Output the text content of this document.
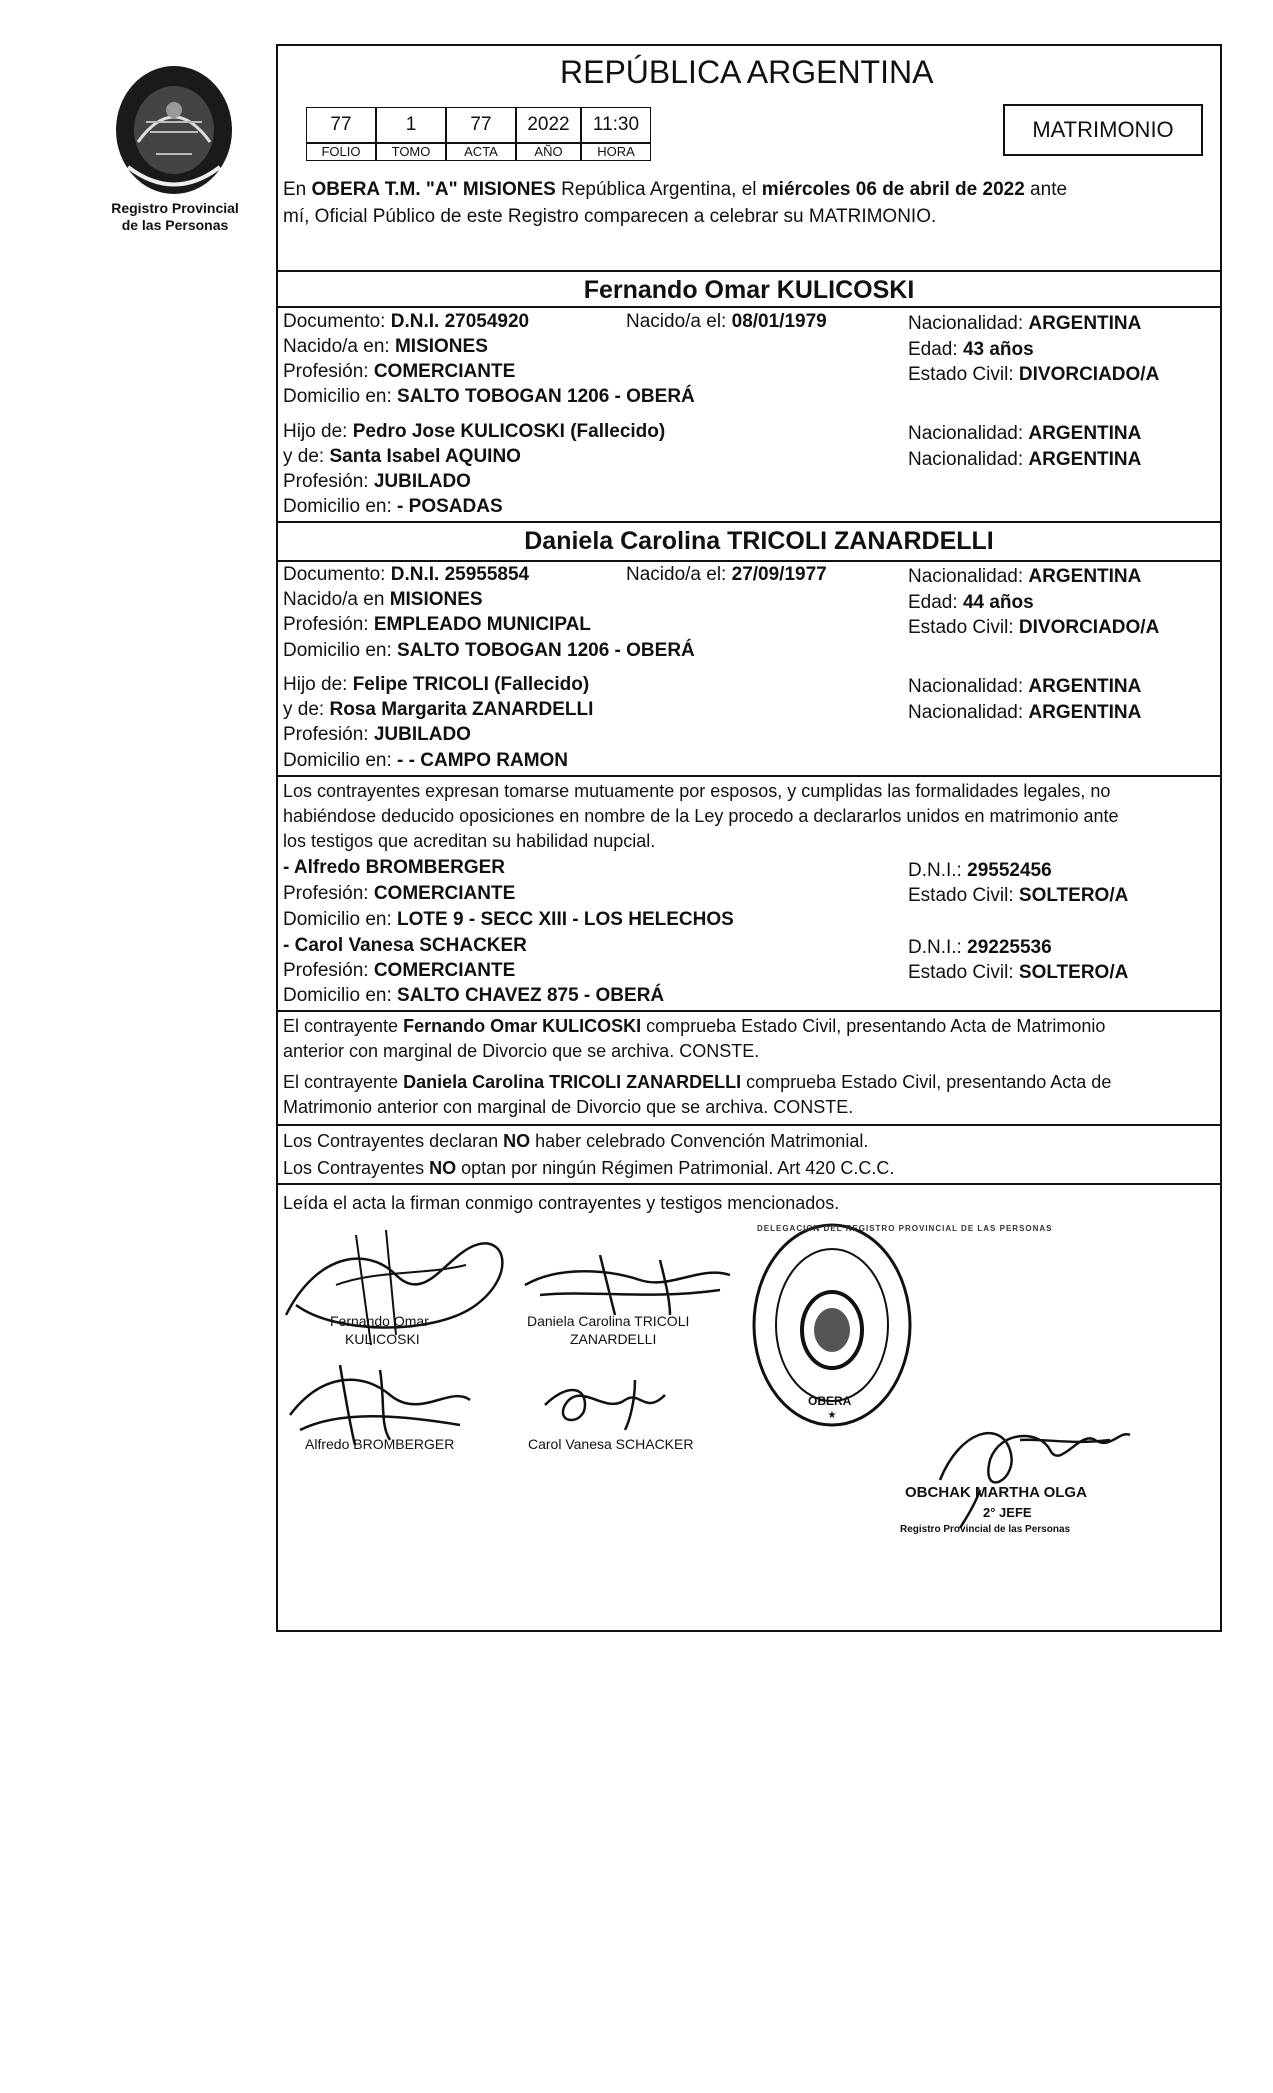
Registro Provincial
de las Personas
REPÚBLICA ARGENTINA
MATRIMONIO
77	1	77	2022	11:30
FOLIO	TOMO	ACTA	AÑO	HORA
En OBERA T.M. "A" MISIONES República Argentina, el miércoles 06 de abril de 2022 ante
mí, Oficial Público de este Registro comparecen a celebrar su MATRIMONIO.
Fernando Omar KULICOSKI
Documento: D.N.I. 27054920	Nacido/a el: 08/01/1979	Nacionalidad: ARGENTINA
Nacido/a en: MISIONES	Edad: 43 años
Profesión: COMERCIANTE	Estado Civil: DIVORCIADO/A
Domicilio en: SALTO TOBOGAN 1206 - OBERÁ
Hijo de: Pedro Jose KULICOSKI (Fallecido)	Nacionalidad: ARGENTINA
y de: Santa Isabel AQUINO	Nacionalidad: ARGENTINA
Profesión: JUBILADO
Domicilio en: - POSADAS
Daniela Carolina TRICOLI ZANARDELLI
Documento: D.N.I. 25955854	Nacido/a el: 27/09/1977	Nacionalidad: ARGENTINA
Nacido/a en MISIONES	Edad: 44 años
Profesión: EMPLEADO MUNICIPAL	Estado Civil: DIVORCIADO/A
Domicilio en: SALTO TOBOGAN 1206 - OBERÁ
Hijo de: Felipe TRICOLI (Fallecido)	Nacionalidad: ARGENTINA
y de: Rosa Margarita ZANARDELLI	Nacionalidad: ARGENTINA
Profesión: JUBILADO
Domicilio en: - - CAMPO RAMON
Los contrayentes expresan tomarse mutuamente por esposos, y cumplidas las formalidades legales, no
habiéndose deducido oposiciones en nombre de la Ley procedo a declararlos unidos en matrimonio ante
los testigos que acreditan su habilidad nupcial.
- Alfredo BROMBERGER	D.N.I.: 29552456
Profesión: COMERCIANTE	Estado Civil: SOLTERO/A
Domicilio en: LOTE 9 - SECC XIII - LOS HELECHOS
- Carol Vanesa SCHACKER	D.N.I.: 29225536
Profesión: COMERCIANTE	Estado Civil: SOLTERO/A
Domicilio en: SALTO CHAVEZ 875 - OBERÁ
El contrayente Fernando Omar KULICOSKI comprueba Estado Civil, presentando Acta de Matrimonio
anterior con marginal de Divorcio que se archiva. CONSTE.
El contrayente Daniela Carolina TRICOLI ZANARDELLI comprueba Estado Civil, presentando Acta de
Matrimonio anterior con marginal de Divorcio que se archiva. CONSTE.
Los Contrayentes declaran NO haber celebrado Convención Matrimonial.
Los Contrayentes NO optan por ningún Régimen Patrimonial. Art 420 C.C.C.
Leída el acta la firman conmigo contrayentes y testigos mencionados.
Fernando Omar
KULICOSKI
Daniela Carolina TRICOLI
ZANARDELLI
Alfredo BROMBERGER	Carol Vanesa SCHACKER
★
DELEGACION DEL REGISTRO PROVINCIAL DE LAS PERSONAS
OBERA
OBCHAK MARTHA OLGA
2° JEFE
Registro Provincial de las Personas
